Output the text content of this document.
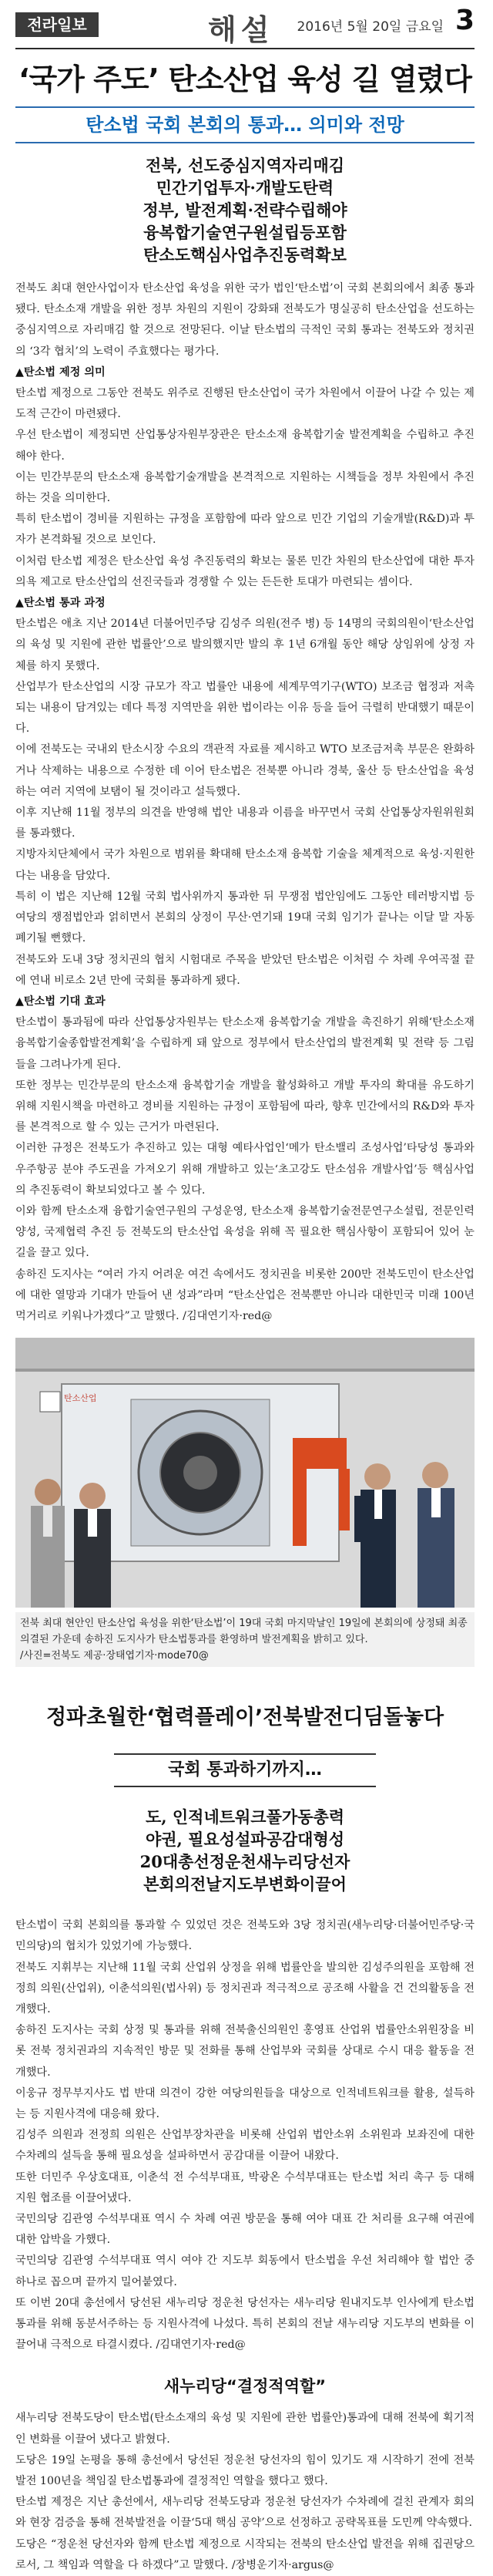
전라일보	해설 2016년 5월 20일 금요일 3
‘국가 주도’ 탄소산업 육성 길 열렸다
탄소법 국회 본회의 통과… 의미와 전망
전북, 선도중심지역자리매김
민간기업투자·개발도탄력
정부, 발전계획·전략수립해야
융복합기술연구원설립등포함
탄소도핵심사업추진동력확보

전북도 최대 현안사업이자 탄소산업 육성을 위한 국가 법인‘탄소법’이 국회 본회의에서 최종 통과됐다. 탄소소재 개발을 위한 정부 차원의 지원이 강화돼 전북도가 명실공히 탄소산업을 선도하는 중심지역으로 자리매김 할 것으로 전망된다. 이날 탄소법의 극적인 국회 통과는 전북도와 정치권의 ‘3각 협치’의 노력이 주효했다는 평가다.

▲탄소법 제정 의미

탄소법 제정으로 그동안 전북도 위주로 진행된 탄소산업이 국가 차원에서 이끌어 나갈 수 있는 제도적 근간이 마련됐다.

우선 탄소법이 제정되면 산업통상자원부장관은 탄소소재 융복합기술 발전계획을 수립하고 추진해야 한다.

이는 민간부문의 탄소소재 융복합기술개발을 본격적으로 지원하는 시책들을 정부 차원에서 추진하는 것을 의미한다.

특히 탄소법이 경비를 지원하는 규정을 포함함에 따라 앞으로 민간 기업의 기술개발(R&D)과 투자가 본격화될 것으로 보인다.

이처럼 탄소법 제정은 탄소산업 육성 추진동력의 확보는 물론 민간 차원의 탄소산업에 대한 투자의욕 제고로 탄소산업의 선진국들과 경쟁할 수 있는 든든한 토대가 마련되는 셈이다.

▲탄소법 통과 과정

탄소법은 애초 지난 2014년 더불어민주당 김성주 의원(전주 병) 등 14명의 국회의원이‘탄소산업의 육성 및 지원에 관한 법률안’으로 발의했지만 발의 후 1년 6개월 동안 해당 상임위에 상정 자체를 하지 못했다.

산업부가 탄소산업의 시장 규모가 작고 법률안 내용에 세계무역기구(WTO) 보조금 협정과 저촉되는 내용이 담겨있는 데다 특정 지역만을 위한 법이라는 이유 등을 들어 극렬히 반대했기 때문이다.

이에 전북도는 국내외 탄소시장 수요의 객관적 자료를 제시하고 WTO 보조금저촉 부문은 완화하거나 삭제하는 내용으로 수정한 데 이어 탄소법은 전북뿐 아니라 경북, 울산 등 탄소산업을 육성하는 여러 지역에 보탬이 될 것이라고 설득했다.

이후 지난해 11월 정부의 의견을 반영해 법안 내용과 이름을 바꾸면서 국회 산업통상자원위원회를 통과했다.

지방자치단체에서 국가 차원으로 범위를 확대해 탄소소재 융복합 기술을 체계적으로 육성·지원한다는 내용을 담았다.

특히 이 법은 지난해 12월 국회 법사위까지 통과한 뒤 무쟁점 법안임에도 그동안 테러방지법 등 여당의 쟁점법안과 얽히면서 본회의 상정이 무산·연기돼 19대 국회 임기가 끝나는 이달 말 자동 폐기될 뻔했다.

전북도와 도내 3당 정치권의 협치 시험대로 주목을 받았던 탄소법은 이처럼 수 차례 우여곡절 끝에 연내 비로소 2년 만에 국회를 통과하게 됐다.

▲탄소법 기대 효과

탄소법이 통과됨에 따라 산업통상자원부는 탄소소재 융복합기술 개발을 촉진하기 위해‘탄소소재 융복합기술종합발전계획’을 수립하게 돼 앞으로 정부에서 탄소산업의 발전계획 및 전략 등 그림들을 그려나가게 된다.

또한 정부는 민간부문의 탄소소재 융복합기술 개발을 활성화하고 개발 투자의 확대를 유도하기 위해 지원시책을 마련하고 경비를 지원하는 규정이 포함됨에 따라, 향후 민간에서의 R&D와 투자를 본격적으로 할 수 있는 근거가 마련된다.

이러한 규정은 전북도가 추진하고 있는 대형 예타사업인‘메가 탄소밸리 조성사업’타당성 통과와 우주항공 분야 주도권을 가져오기 위해 개발하고 있는‘초고강도 탄소섬유 개발사업’등 핵심사업의 추진동력이 확보되었다고 볼 수 있다.

이와 함께 탄소소재 융합기술연구원의 구성운영, 탄소소재 융복합기술전문연구소설립, 전문인력양성, 국제협력 추진 등 전북도의 탄소산업 육성을 위해 꼭 필요한 핵심사항이 포함되어 있어 눈길을 끌고 있다.

송하진 도지사는 “여러 가지 어려운 여건 속에서도 정치권을 비롯한 200만 전북도민이 탄소산업에 대한 열망과 기대가 만들어 낸 성과”라며 “탄소산업은 전북뿐만 아니라 대한민국 미래 100년 먹거리로 키워나가겠다”고 말했다. /김대연기자·red@

탄소산업
전북 최대 현안인 탄소산업 육성을 위한‘탄소법’이 19대 국회 마지막날인 19일에 본회의에 상정돼 최종 의결된 가운데 송하진 도지사가 탄소법통과를 환영하며 발전계획을 밝히고 있다.
/사진=전북도 제공·장태엽기자·mode70@
정파초월한‘협력플레이’전북발전디딤돌놓다
국회 통과하기까지…
도, 인적네트워크풀가동총력
야권, 필요성설파공감대형성
20대총선정운천새누리당선자
본회의전날지도부변화이끌어

탄소법이 국회 본회의를 통과할 수 있었던 것은 전북도와 3당 정치권(새누리당·더불어민주당·국민의당)의 협치가 있었기에 가능했다.

전북도 지휘부는 지난해 11월 국회 산업위 상정을 위해 법률안을 발의한 김성주의원을 포함해 전정희 의원(산업위), 이춘석의원(법사위) 등 정치권과 적극적으로 공조해 사활을 건 건의활동을 전개했다.

송하진 도지사는 국회 상정 및 통과를 위해 전북출신의원인 홍영표 산업위 법률안소위원장을 비롯 전북 정치권과의 지속적인 방문 및 전화를 통해 산업부와 국회를 상대로 수시 대응 활동을 전개했다.

이웅규 정무부지사도 법 반대 의견이 강한 여당의원들을 대상으로 인적네트워크를 활용, 설득하는 등 지원사격에 대응해 왔다.

김성주 의원과 전정희 의원은 산업부장차관을 비롯해 산업위 법안소위 소위원과 보좌진에 대한 수차례의 설득을 통해 필요성을 설파하면서 공감대를 이끌어 내왔다.

또한 더민주 우상호대표, 이춘석 전 수석부대표, 박광온 수석부대표는 탄소법 처리 촉구 등 대해 지원 협조를 이끌어냈다.

국민의당 김관영 수석부대표 역시 수 차례 여권 방문을 통해 여야 대표 간 처리를 요구해 여권에 대한 압박을 가했다.

국민의당 김관영 수석부대표 역시 여야 간 지도부 회동에서 탄소법을 우선 처리해야 할 법안 중 하나로 꼽으며 끝까지 밀어붙였다.

또 이번 20대 총선에서 당선된 새누리당 정운천 당선자는 새누리당 원내지도부 인사에게 탄소법 통과를 위해 동분서주하는 등 지원사격에 나섰다. 특히 본회의 전날 새누리당 지도부의 변화를 이끌어내 극적으로 타결시켰다. /김대연기자·red@

새누리당“결정적역할”

새누리당 전북도당이 탄소법(탄소소재의 육성 및 지원에 관한 법률안)통과에 대해 전북에 획기적인 변화를 이끌어 냈다고 밝혔다.

도당은 19일 논평을 통해 총선에서 당선된 정운천 당선자의 힘이 있기도 재 시작하기 전에 전북발전 100년을 책임질 탄소법통과에 결정적인 역할을 했다고 했다.

탄소법 제정은 지난 총선에서, 새누리당 전북도당과 정운천 당선자가 수차례에 걸친 관계자 회의와 현장 검증을 통해 전북발전을 이끌‘5대 핵심 공약’으로 선정하고 공략목표를 도민께 약속했다.

도당은 “정운천 당선자와 함께 탄소법 제정으로 시작되는 전북의 탄소산업 발전을 위해 집권당으로서, 그 책임과 역할을 다 하겠다”고 말했다. /장병운기자·argus@
